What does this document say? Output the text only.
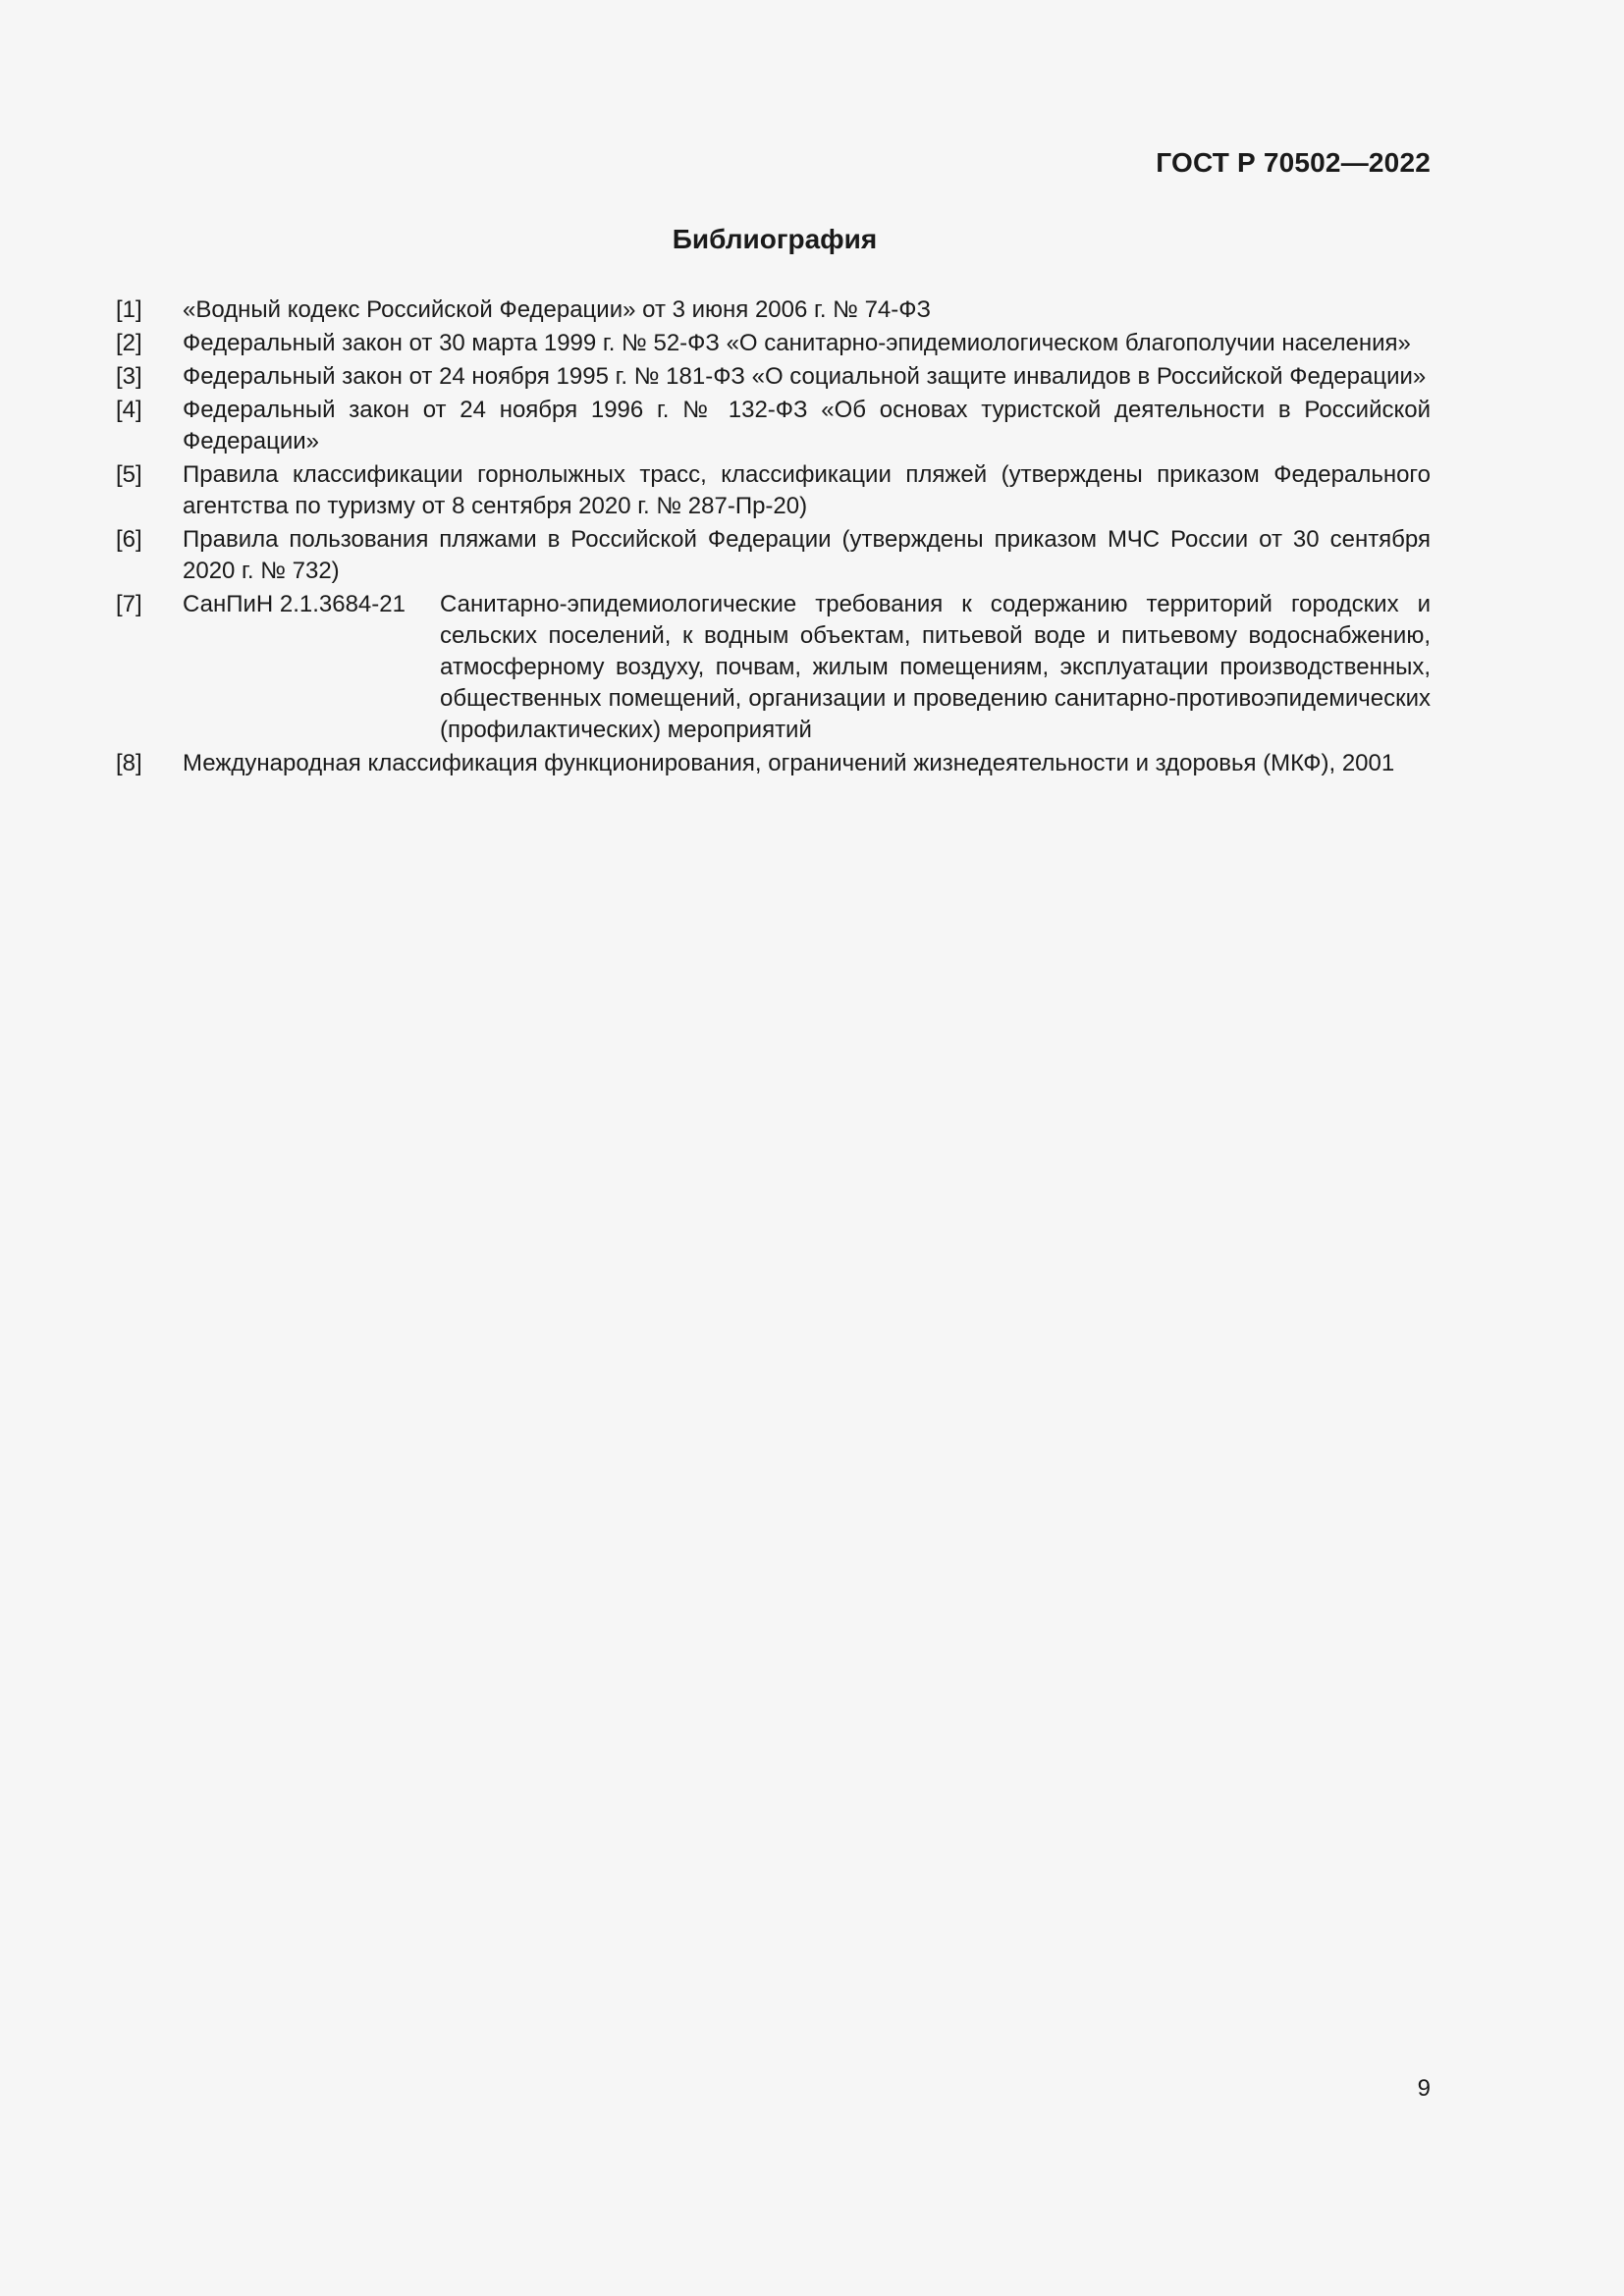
ГОСТ Р 70502—2022
Библиография
[1]	«Водный кодекс Российской Федерации» от 3 июня 2006 г. № 74-ФЗ
[2]	Федеральный закон от 30 марта 1999 г. № 52-ФЗ «О санитарно-эпидемиологическом благополучии населения»
[3]	Федеральный закон от 24 ноября 1995 г. № 181-ФЗ «О социальной защите инвалидов в Российской Федерации»
[4]	Федеральный закон от 24 ноября 1996 г. № 132-ФЗ «Об основах туристской деятельности в Российской Федерации»
[5]	Правила классификации горнолыжных трасс, классификации пляжей (утверждены приказом Федерального агентства по туризму от 8 сентября 2020 г. № 287-Пр-20)
[6]	Правила пользования пляжами в Российской Федерации (утверждены приказом МЧС России от 30 сентября 2020 г. № 732)
[7]	СанПиН 2.1.3684-21	Санитарно-эпидемиологические требования к содержанию территорий городских и сельских поселений, к водным объектам, питьевой воде и питьевому водоснабжению, атмосферному воздуху, почвам, жилым помещениям, эксплуатации производственных, общественных помещений, организации и проведению санитарно-противоэпидемических (профилактических) мероприятий
[8]	Международная классификация функционирования, ограничений жизнедеятельности и здоровья (МКФ), 2001
9
